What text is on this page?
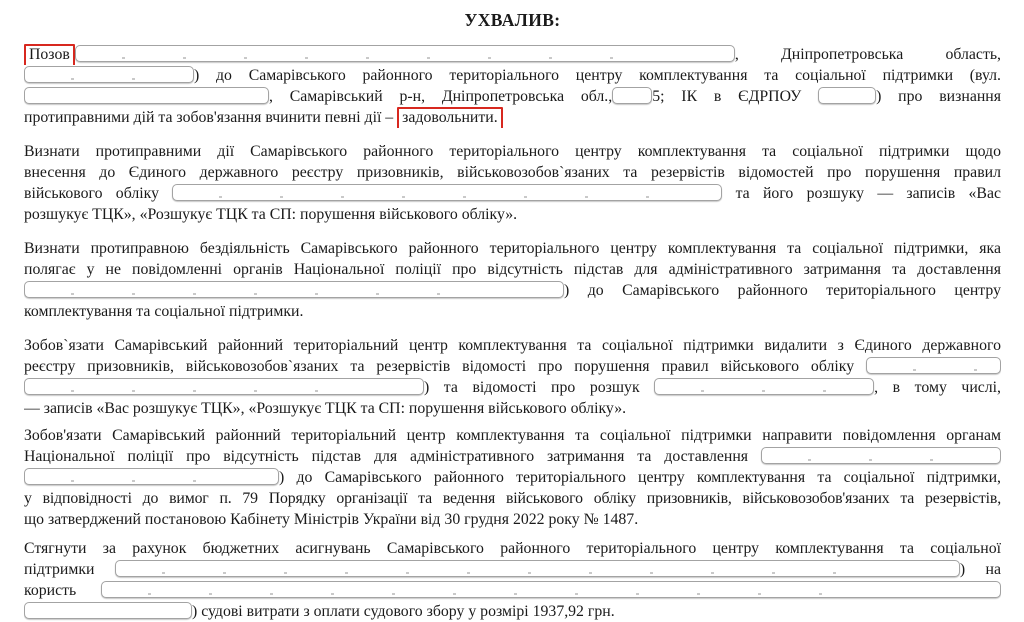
УХВАЛИВ:
Позов	, Дніпропетровська область,
) до Самарівського районного територіального центру комплектування та соціальної підтримки (вул.
, Самарівський р-н, Дніпропетровська обл.,	5; ІК в ЄДРПОУ	) про визнання
протиправними дій та зобов'язання вчинити певні дії – задовольнити.
Визнати протиправними дії Самарівського районного територіального центру комплектування та соціальної підтримки щодо
внесення до Єдиного державного реєстру призовників, військовозобов`язаних та резервістів відомостей про порушення правил
військового обліку	та його розшуку — записів «Вас
розшукує ТЦК», «Розшукує ТЦК та СП: порушення військового обліку».
Визнати протиправною бездіяльність Самарівського районного територіального центру комплектування та соціальної підтримки, яка
полягає у не повідомленні органів Національної поліції про відсутність підстав для адміністративного затримання та доставлення
) до Самарівського районного територіального центру
комплектування та соціальної підтримки.
Зобов`язати Самарівський районний територіальний центр комплектування та соціальної підтримки видалити з Єдиного державного
реєстру призовників, військовозобов`язаних та резервістів відомості про порушення правил військового обліку
) та відомості про розшук	, в тому числі,
— записів «Вас розшукує ТЦК», «Розшукує ТЦК та СП: порушення військового обліку».
Зобов'язати Самарівський районний територіальний центр комплектування та соціальної підтримки направити повідомлення органам
Національної поліції про відсутність підстав для адміністративного затримання та доставлення
) до Самарівського районного територіального центру комплектування та соціальної підтримки,
у відповідності до вимог п. 79 Порядку організації та ведення військового обліку призовників, військовозобов'язаних та резервістів,
що затверджений постановою Кабінету Міністрів України від 30 грудня 2022 року № 1487.
Стягнути за рахунок бюджетних асигнувань Самарівського районного територіального центру комплектування та соціальної
підтримки	) на
користь
) судові витрати з оплати судового збору у розмірі 1937,92 грн.
